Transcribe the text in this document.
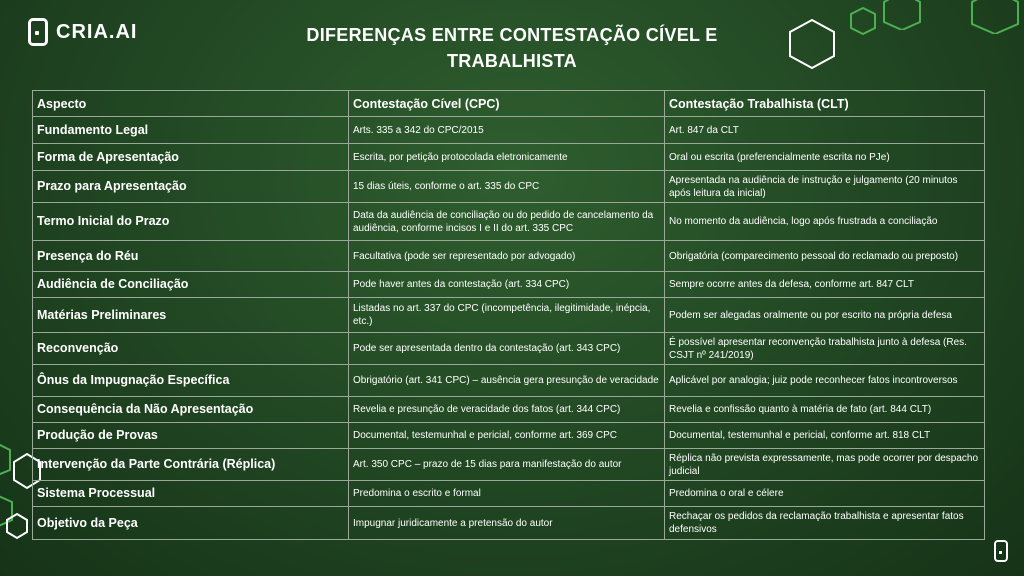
CRIA.AI	DIFERENÇAS ENTRE CONTESTAÇÃO CÍVEL E TRABALHISTA
Aspecto	Contestação Cível (CPC)	Contestação Trabalhista (CLT)
Fundamento Legal	Arts. 335 a 342 do CPC/2015	Art. 847 da CLT
Forma de Apresentação	Escrita, por petição protocolada eletronicamente	Oral ou escrita (preferencialmente escrita no PJe)
Prazo para Apresentação	15 dias úteis, conforme o art. 335 do CPC	Apresentada na audiência de instrução e julgamento (20 minutos após leitura da inicial)
Termo Inicial do Prazo	Data da audiência de conciliação ou do pedido de cancelamento da audiência, conforme incisos I e II do art. 335 CPC	No momento da audiência, logo após frustrada a conciliação
Presença do Réu	Facultativa (pode ser representado por advogado)	Obrigatória (comparecimento pessoal do reclamado ou preposto)
Audiência de Conciliação	Pode haver antes da contestação (art. 334 CPC)	Sempre ocorre antes da defesa, conforme art. 847 CLT
Matérias Preliminares	Listadas no art. 337 do CPC (incompetência, ilegitimidade, inépcia, etc.)	Podem ser alegadas oralmente ou por escrito na própria defesa
Reconvenção	Pode ser apresentada dentro da contestação (art. 343 CPC)	É possível apresentar reconvenção trabalhista junto à defesa (Res. CSJT nº 241/2019)
Ônus da Impugnação Específica	Obrigatório (art. 341 CPC) – ausência gera presunção de veracidade	Aplicável por analogia; juiz pode reconhecer fatos incontroversos
Consequência da Não Apresentação	Revelia e presunção de veracidade dos fatos (art. 344 CPC)	Revelia e confissão quanto à matéria de fato (art. 844 CLT)
Produção de Provas	Documental, testemunhal e pericial, conforme art. 369 CPC	Documental, testemunhal e pericial, conforme art. 818 CLT
Intervenção da Parte Contrária (Réplica)	Art. 350 CPC – prazo de 15 dias para manifestação do autor	Réplica não prevista expressamente, mas pode ocorrer por despacho judicial
Sistema Processual	Predomina o escrito e formal	Predomina o oral e célere
Objetivo da Peça	Impugnar juridicamente a pretensão do autor	Rechaçar os pedidos da reclamação trabalhista e apresentar fatos defensivos
